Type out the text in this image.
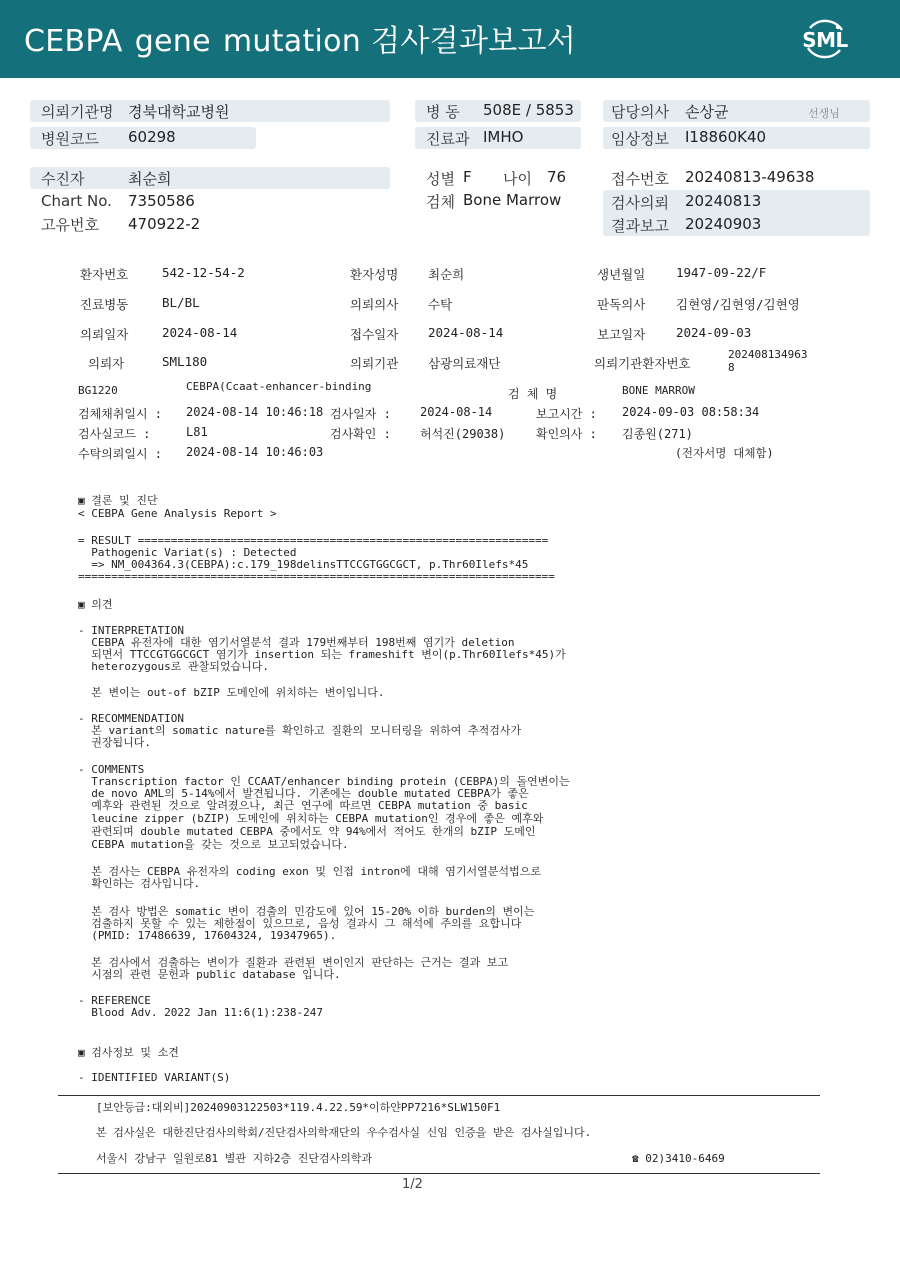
CEBPA gene mutation 검사결과보고서	SML
의뢰기관명 경북대학교병원
병원코드 60298
병 동 508E / 5853
진료과 IMHO
담당의사 손상균	선생님
임상정보 I18860K40
수진자	최순희
Chart No. 7350586
고유번호 470922-2
성별 F 나이 76
검체 Bone Marrow
접수번호 20240813-49638
검사의뢰 20240813
결과보고 20240903
환자번호	542-12-54-2	환자성명 최순희	생년월일 1947-09-22/F
진료병동	BL/BL	의뢰의사 수탁	판독의사 김현영/김현영/김현영
의뢰일자	2024-08-14	접수일자 2024-08-14	보고일자 2024-09-03
의뢰자	SML180	의뢰기관 삼광의료재단	의뢰기관환자번호
202408134963
8
BG1220	CEBPA(Ccaat-enhancer-binding
검 체 명	BONE MARROW
검체채취일시 : 2024-08-14 10:46:18 검사일자 : 2024-08-14	보고시간 : 2024-09-03 08:58:34
검사실코드 :	L81	검사확인 : 허석진(29038)	확인의사 : 김종원(271)
수탁의뢰일시 : 2024-08-14 10:46:03	(전자서명 대체함)
▣ 결론 및 진단
< CEBPA Gene Analysis Report >
= RESULT ==============================================================
Pathogenic Variat(s) : Detected
=> NM_004364.3(CEBPA):c.179_198delinsTTCCGTGGCGCT, p.Thr60Ilefs*45
========================================================================
▣ 의견
- INTERPRETATION
CEBPA 유전자에 대한 염기서열분석 결과 179번째부터 198번째 염기가 deletion
되면서 TTCCGTGGCGCT 염기가 insertion 되는 frameshift 변이(p.Thr60Ilefs*45)가
heterozygous로 관찰되었습니다.
본 변이는 out-of bZIP 도메인에 위치하는 변이입니다.
- RECOMMENDATION
본 variant의 somatic nature를 확인하고 질환의 모니터링을 위하여 추적검사가
권장됩니다.
- COMMENTS
Transcription factor 인 CCAAT/enhancer binding protein (CEBPA)의 돌연변이는
de novo AML의 5-14%에서 발견됩니다. 기존에는 double mutated CEBPA가 좋은
예후와 관련된 것으로 알려졌으나, 최근 연구에 따르면 CEBPA mutation 중 basic
leucine zipper (bZIP) 도메인에 위치하는 CEBPA mutation인 경우에 좋은 예후와
관련되며 double mutated CEBPA 중에서도 약 94%에서 적어도 한개의 bZIP 도메인
CEBPA mutation을 갖는 것으로 보고되었습니다.
본 검사는 CEBPA 유전자의 coding exon 및 인접 intron에 대해 염기서열분석법으로
확인하는 검사입니다.
본 검사 방법은 somatic 변이 검출의 민감도에 있어 15-20% 이하 burden의 변이는
검출하지 못할 수 있는 제한점이 있으므로, 음성 결과시 그 해석에 주의를 요합니다
(PMID: 17486639, 17604324, 19347965).
본 검사에서 검출하는 변이가 질환과 관련된 변이인지 판단하는 근거는 결과 보고
시점의 관련 문헌과 public database 입니다.
- REFERENCE
Blood Adv. 2022 Jan 11:6(1):238-247
▣ 검사정보 및 소견
- IDENTIFIED VARIANT(S)
[보안등급:대외비]20240903122503*119.4.22.59*이하얀PP7216*SLW150F1
본 검사실은 대한진단검사의학회/진단검사의학재단의 우수검사실 신임 인증을 받은 검사실입니다.
서울시 강남구 일원로81 별관 지하2층 진단검사의학과	☎ 02)3410-6469
1/2
